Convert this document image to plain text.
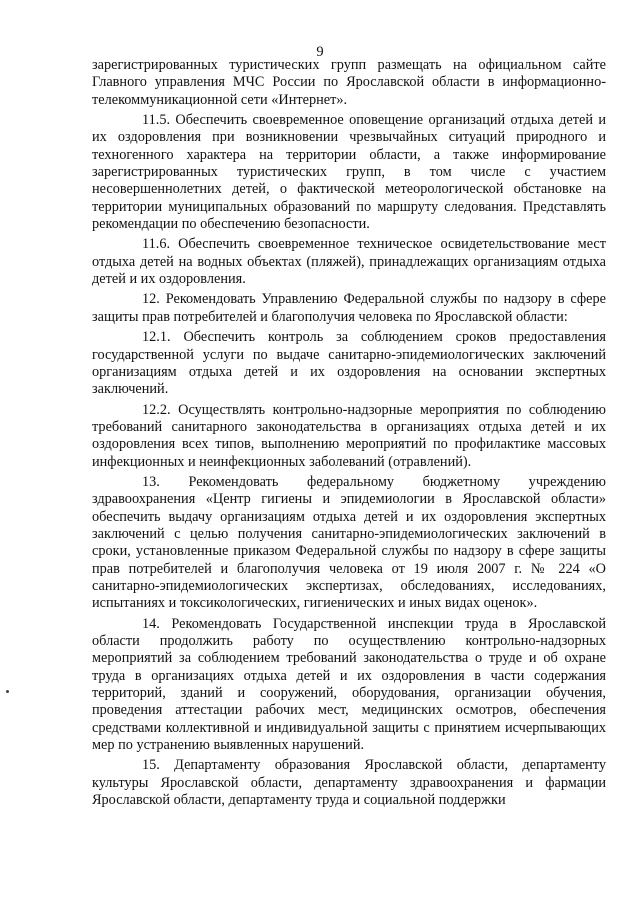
9

зарегистрированных туристических групп размещать на официальном сайте Главного управления МЧС России по Ярославской области в информационно-телекоммуникационной сети «Интернет».

11.5. Обеспечить своевременное оповещение организаций отдыха детей и их оздоровления при возникновении чрезвычайных ситуаций природного и техногенного характера на территории области, а также информирование зарегистрированных туристических групп, в том числе с участием несовершеннолетних детей, о фактической метеорологической обстановке на территории муниципальных образований по маршруту следования. Представлять рекомендации по обеспечению безопасности.

11.6. Обеспечить своевременное техническое освидетельствование мест отдыха детей на водных объектах (пляжей), принадлежащих организациям отдыха детей и их оздоровления.

12. Рекомендовать Управлению Федеральной службы по надзору в сфере защиты прав потребителей и благополучия человека по Ярославской области:

12.1. Обеспечить контроль за соблюдением сроков предоставления государственной услуги по выдаче санитарно-эпидемиологических заключений организациям отдыха детей и их оздоровления на основании экспертных заключений.

12.2. Осуществлять контрольно-надзорные мероприятия по соблюдению требований санитарного законодательства в организациях отдыха детей и их оздоровления всех типов, выполнению мероприятий по профилактике массовых инфекционных и неинфекционных заболеваний (отравлений).

13. Рекомендовать федеральному бюджетному учреждению здравоохранения «Центр гигиены и эпидемиологии в Ярославской области» обеспечить выдачу организациям отдыха детей и их оздоровления экспертных заключений с целью получения санитарно-эпидемиологических заключений в сроки, установленные приказом Федеральной службы по надзору в сфере защиты прав потребителей и благополучия человека от 19 июля 2007 г. № 224 «О санитарно-эпидемиологических экспертизах, обследованиях, исследованиях, испытаниях и токсикологических, гигиенических и иных видах оценок».

14. Рекомендовать Государственной инспекции труда в Ярославской области продолжить работу по осуществлению контрольно-надзорных мероприятий за соблюдением требований законодательства о труде и об охране труда в организациях отдыха детей и их оздоровления в части содержания территорий, зданий и сооружений, оборудования, организации обучения, проведения аттестации рабочих мест, медицинских осмотров, обеспечения средствами коллективной и индивидуальной защиты с принятием исчерпывающих мер по устранению выявленных нарушений.

15. Департаменту образования Ярославской области, департаменту культуры Ярославской области, департаменту здравоохранения и фармации Ярославской области, департаменту труда и социальной поддержки
